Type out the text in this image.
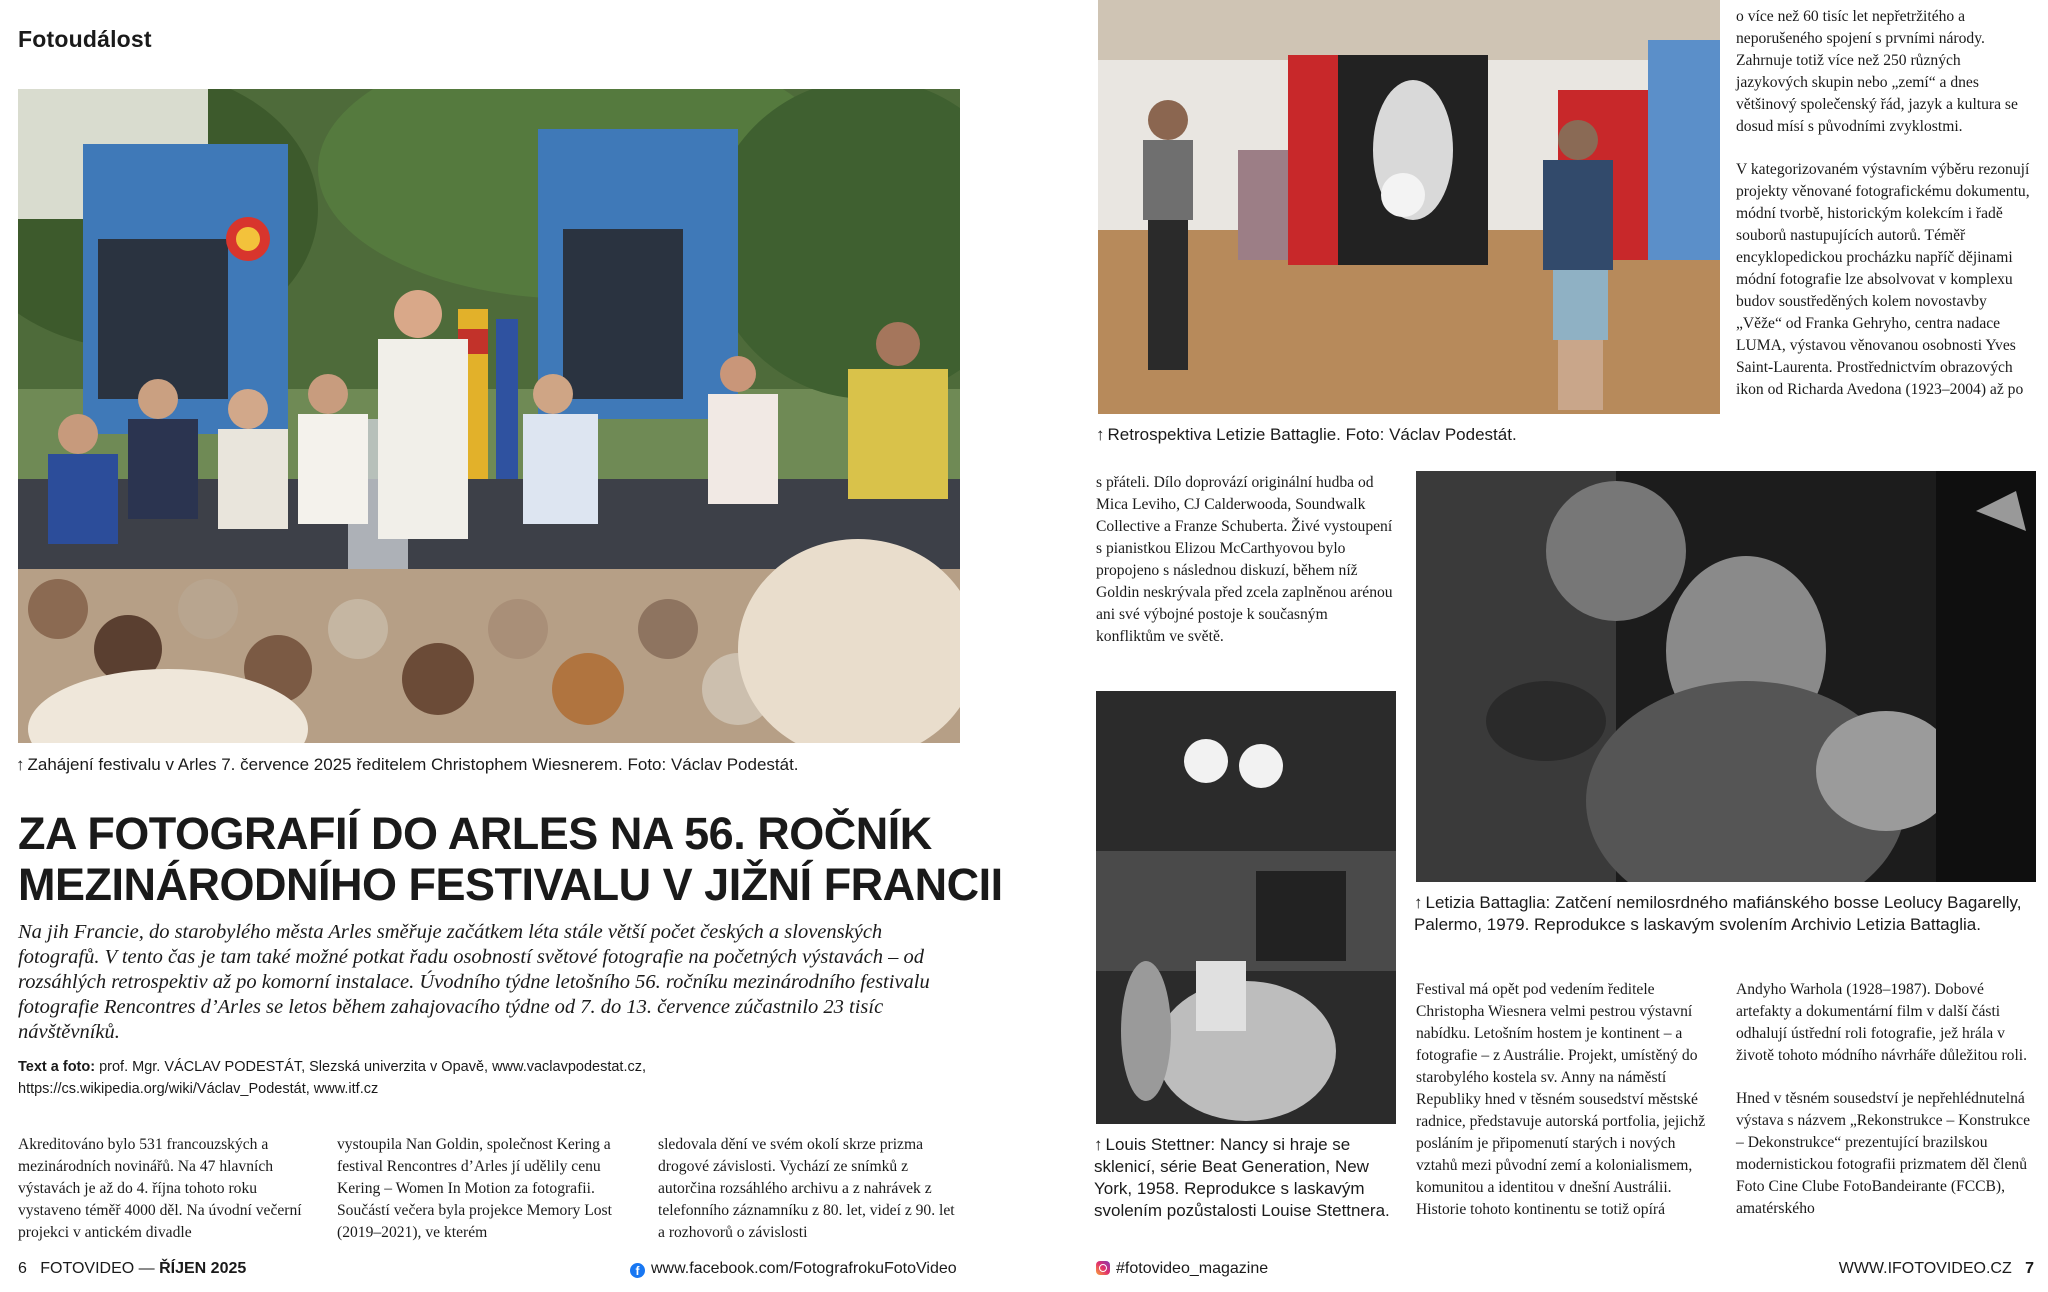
Fotoudálost
↑ Zahájení festivalu v Arles 7. července 2025 ředitelem Christophem Wiesnerem. Foto: Václav Podestát.
ZA FOTOGRAFIÍ DO ARLES NA 56. ROČNÍK
MEZINÁRODNÍHO FESTIVALU V JIŽNÍ FRANCII
Na jih Francie, do starobylého města Arles směřuje začátkem léta stále větší počet českých a slovenských fotografů. V tento čas je tam také možné potkat řadu osobností světové fotografie na početných výstavách – od rozsáhlých retrospektiv až po komorní instalace. Úvodního týdne letošního 56. ročníku mezinárodního festivalu fotografie Rencontres d’Arles se letos během zahajovacího týdne od 7. do 13. července zúčastnilo 23 tisíc návštěvníků.
Text a foto: prof. Mgr. VÁCLAV PODESTÁT, Slezská univerzita v Opavě, www.vaclavpodestat.cz,
https://cs.wikipedia.org/wiki/Václav_Podestát, www.itf.cz
Akreditováno bylo 531 francouzských a mezinárodních novinářů. Na 47 hlavních výstavách je až do 4. října tohoto roku vystaveno téměř 4000 děl. Na úvodní večerní projekci v antickém divadle
vystoupila Nan Goldin, společnost Kering a festival Rencontres d’Arles jí udělily cenu Kering – Women In Motion za fotografii. Součástí večera byla projekce Memory Lost (2019–2021), ve kterém
sledovala dění ve svém okolí skrze prizma drogové závislosti. Vychází ze snímků z autorčina rozsáhlého archivu a z nahrávek z telefonního záznamníku z 80. let, videí z 90. let a rozhovorů o závislosti
6 FOTOVIDEO — ŘÍJEN 2025	f www.facebook.com/FotografrokuFotoVideo
↑ Retrospektiva Letizie Battaglie. Foto: Václav Podestát.

o více než 60 tisíc let nepřetržitého a neporušeného spojení s prvními národy. Zahrnuje totiž více než 250 různých jazykových skupin nebo „zemí“ a dnes většinový společenský řád, jazyk a kultura se dosud mísí s původními zvyklostmi.

V kategorizovaném výstavním výběru rezonují projekty věnované fotografickému dokumentu, módní tvorbě, historickým kolekcím i řadě souborů nastupujících autorů. Téměř encyklopedickou procházku napříč dějinami módní fotografie lze absolvovat v komplexu budov soustředěných kolem novostavby „Věže“ od Franka Gehryho, centra nadace LUMA, výstavou věnovanou osobnosti Yves Saint-Laurenta. Prostřednictvím obrazových ikon od Richarda Avedona (1923–2004) až po

s přáteli. Dílo doprovází originální hudba od Mica Leviho, CJ Calderwooda, Soundwalk Collective a Franze Schuberta. Živé vystoupení s pianistkou Elizou McCarthyovou bylo propojeno s následnou diskuzí, během níž Goldin neskrývala před zcela zaplněnou arénou ani své výbojné postoje k současným konfliktům ve světě.
↑ Letizia Battaglia: Zatčení nemilosrdného mafiánského bosse Leolucy Bagarelly, Palermo, 1979. Reprodukce s laskavým svolením Archivio Letizia Battaglia.
↑ Louis Stettner: Nancy si hraje se sklenicí, série Beat Generation, New York, 1958. Reprodukce s laskavým svolením pozůstalosti Louise Stettnera.
Festival má opět pod vedením ředitele Christopha Wiesnera velmi pestrou výstavní nabídku. Letošním hostem je kontinent – a fotografie – z Austrálie. Projekt, umístěný do starobylého kostela sv. Anny na náměstí Republiky hned v těsném sousedství městské radnice, představuje autorská portfolia, jejichž posláním je připomenutí starých i nových vztahů mezi původní zemí a kolonialismem, komunitou a identitou v dnešní Austrálii. Historie tohoto kontinentu se totiž opírá

Andyho Warhola (1928–1987). Dobové artefakty a dokumentární film v další části odhalují ústřední roli fotografie, jež hrála v životě tohoto módního návrháře důležitou roli.

Hned v těsném sousedství je nepřehlédnutelná výstava s názvem „Rekonstrukce – Konstrukce – Dekonstrukce“ prezentující brazilskou modernistickou fotografii prizmatem děl členů Foto Cine Clube FotoBandeirante (FCCB), amatérského

#fotovideo_magazine	WWW.IFOTOVIDEO.CZ 7
